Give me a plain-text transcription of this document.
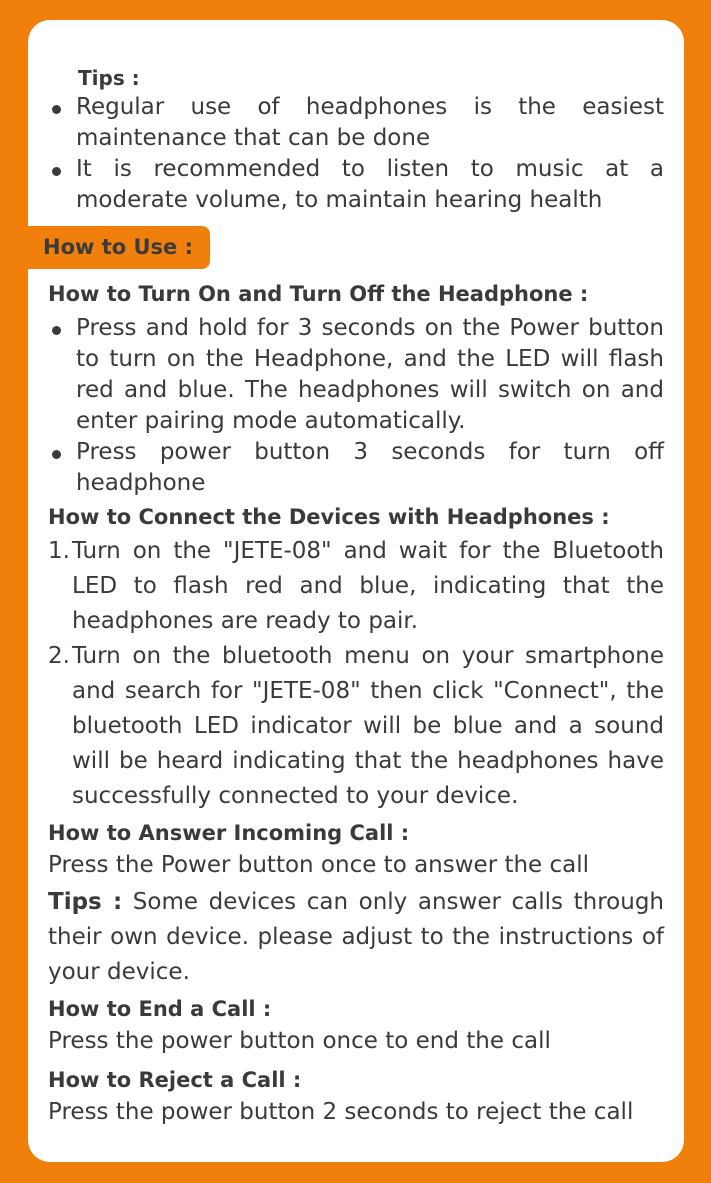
Tips :
Regular use of headphones is the easiest maintenance that can be done
It is recommended to listen to music at a moderate volume, to maintain hearing health
How to Use :
How to Turn On and Turn Off the Headphone :
Press and hold for 3 seconds on the Power button to turn on the Headphone, and the LED will flash red and blue. The headphones will switch on and enter pairing mode automatically.
Press power button 3 seconds for turn off headphone
How to Connect the Devices with Headphones :
1. Turn on the "JETE-08" and wait for the Bluetooth LED to flash red and blue, indicating that the headphones are ready to pair.
2. Turn on the bluetooth menu on your smartphone and search for "JETE-08" then click "Connect", the bluetooth LED indicator will be blue and a sound will be heard indicating that the headphones have successfully connected to your device.
How to Answer Incoming Call :

Press the Power button once to answer the call

Tips : Some devices can only answer calls through their own device. please adjust to the instructions of your device.

How to End a Call :

Press the power button once to end the call

How to Reject a Call :

Press the power button 2 seconds to reject the call
